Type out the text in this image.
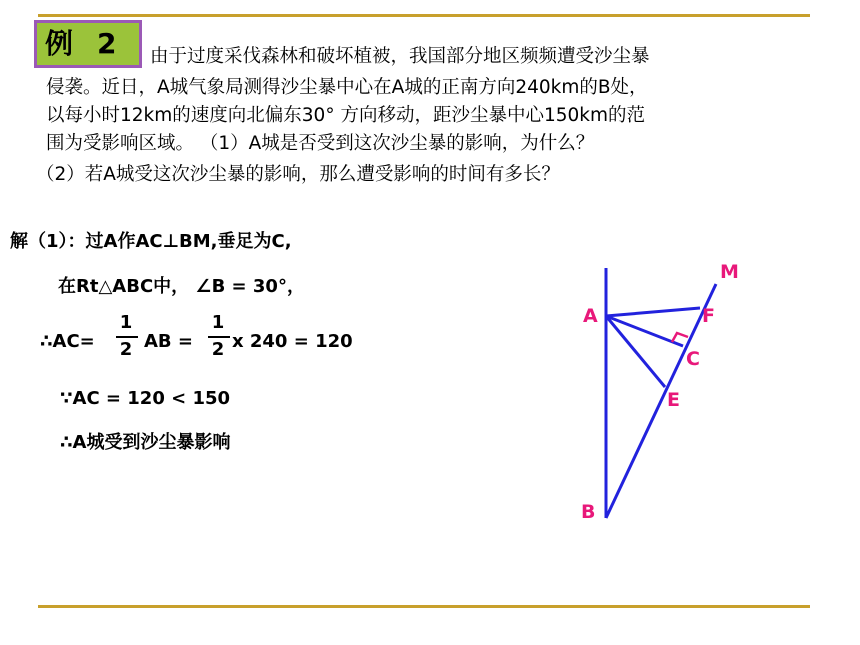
例 2	由于过度采伐森林和破坏植被，我国部分地区频频遭受沙尘暴
侵袭。近日，A城气象局测得沙尘暴中心在A城的正南方向240km的B处，
以每小时12km的速度向北偏东30° 方向移动，距沙尘暴中心150km的范
围为受影响区域。 （1）A城是否受到这次沙尘暴的影响，为什么？
（2）若A城受这次沙尘暴的影响，那么遭受影响的时间有多长？
解（1）：过A作AC⊥BM,垂足为C,
在Rt△ABC中， ∠B = 30°，
∴AC=
1
2 AB =
1
2 x 240 = 120
∵AC = 120 < 150
∴A城受到沙尘暴影响
A
B
C
E
F
M
